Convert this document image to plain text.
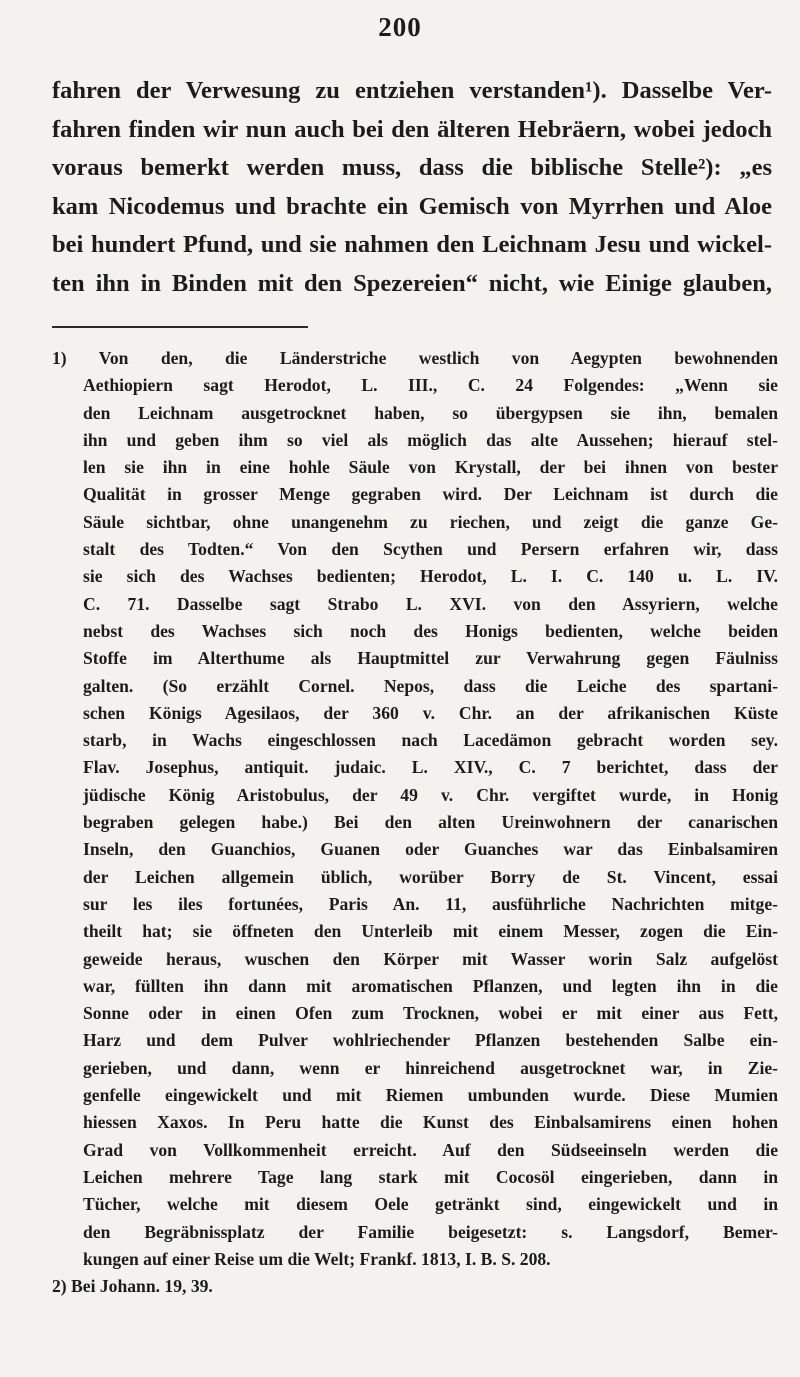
200
fahren der Verwesung zu entziehen verstanden¹). Dasselbe Ver-
fahren finden wir nun auch bei den älteren Hebräern, wobei jedoch
voraus bemerkt werden muss, dass die biblische Stelle²): „es
kam Nicodemus und brachte ein Gemisch von Myrrhen und Aloe
bei hundert Pfund, und sie nahmen den Leichnam Jesu und wickel-
ten ihn in Binden mit den Spezereien“ nicht, wie Einige glauben,
1) Von den, die Länderstriche westlich von Aegypten bewohnenden
Aethiopiern sagt Herodot, L. III., C. 24 Folgendes: „Wenn sie
den Leichnam ausgetrocknet haben, so übergypsen sie ihn, bemalen
ihn und geben ihm so viel als möglich das alte Aussehen; hierauf stel-
len sie ihn in eine hohle Säule von Krystall, der bei ihnen von bester
Qualität in grosser Menge gegraben wird. Der Leichnam ist durch die
Säule sichtbar, ohne unangenehm zu riechen, und zeigt die ganze Ge-
stalt des Todten.“ Von den Scythen und Persern erfahren wir, dass
sie sich des Wachses bedienten; Herodot, L. I. C. 140 u. L. IV.
C. 71. Dasselbe sagt Strabo L. XVI. von den Assyriern, welche
nebst des Wachses sich noch des Honigs bedienten, welche beiden
Stoffe im Alterthume als Hauptmittel zur Verwahrung gegen Fäulniss
galten. (So erzählt Cornel. Nepos, dass die Leiche des spartani-
schen Königs Agesilaos, der 360 v. Chr. an der afrikanischen Küste
starb, in Wachs eingeschlossen nach Lacedämon gebracht worden sey.
Flav. Josephus, antiquit. judaic. L. XIV., C. 7 berichtet, dass der
jüdische König Aristobulus, der 49 v. Chr. vergiftet wurde, in Honig
begraben gelegen habe.) Bei den alten Ureinwohnern der canarischen
Inseln, den Guanchios, Guanen oder Guanches war das Einbalsamiren
der Leichen allgemein üblich, worüber Borry de St. Vincent, essai
sur les iles fortunées, Paris An. 11, ausführliche Nachrichten mitge-
theilt hat; sie öffneten den Unterleib mit einem Messer, zogen die Ein-
geweide heraus, wuschen den Körper mit Wasser worin Salz aufgelöst
war, füllten ihn dann mit aromatischen Pflanzen, und legten ihn in die
Sonne oder in einen Ofen zum Trocknen, wobei er mit einer aus Fett,
Harz und dem Pulver wohlriechender Pflanzen bestehenden Salbe ein-
gerieben, und dann, wenn er hinreichend ausgetrocknet war, in Zie-
genfelle eingewickelt und mit Riemen umbunden wurde. Diese Mumien
hiessen Xaxos. In Peru hatte die Kunst des Einbalsamirens einen hohen
Grad von Vollkommenheit erreicht. Auf den Südseeinseln werden die
Leichen mehrere Tage lang stark mit Cocosöl eingerieben, dann in
Tücher, welche mit diesem Oele getränkt sind, eingewickelt und in
den Begräbnissplatz der Familie beigesetzt: s. Langsdorf, Bemer-
kungen auf einer Reise um die Welt; Frankf. 1813, I. B. S. 208.
2) Bei Johann. 19, 39.
